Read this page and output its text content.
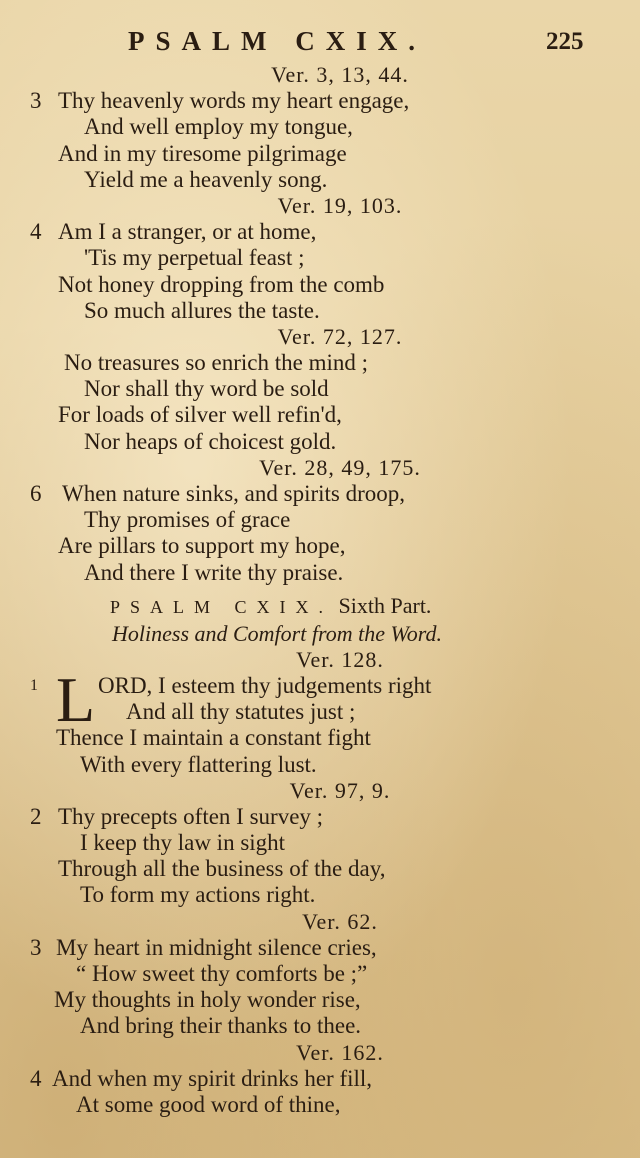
PSALM CXIX.	225
Ver. 3, 13, 44.
3 Thy heavenly words my heart engage,
And well employ my tongue,
And in my tiresome pilgrimage
Yield me a heavenly song.
Ver. 19, 103.
4 Am I a stranger, or at home,
'Tis my perpetual feast ;
Not honey dropping from the comb
So much allures the taste.
Ver. 72, 127.
No treasures so enrich the mind ;
Nor shall thy word be sold
For loads of silver well refin'd,
Nor heaps of choicest gold.
Ver. 28, 49, 175.
6 When nature sinks, and spirits droop,
Thy promises of grace
Are pillars to support my hope,
And there I write thy praise.
PSALM CXIX. Sixth Part.
Holiness and Comfort from the Word.
Ver. 128.
1 L ORD, I esteem thy judgements right
And all thy statutes just ;
Thence I maintain a constant fight
With every flattering lust.
Ver. 97, 9.
2 Thy precepts often I survey ;
I keep thy law in sight
Through all the business of the day,
To form my actions right.
Ver. 62.
3 My heart in midnight silence cries,
“ How sweet thy comforts be ;”
My thoughts in holy wonder rise,
And bring their thanks to thee.
Ver. 162.
4 And when my spirit drinks her fill,
At some good word of thine,
